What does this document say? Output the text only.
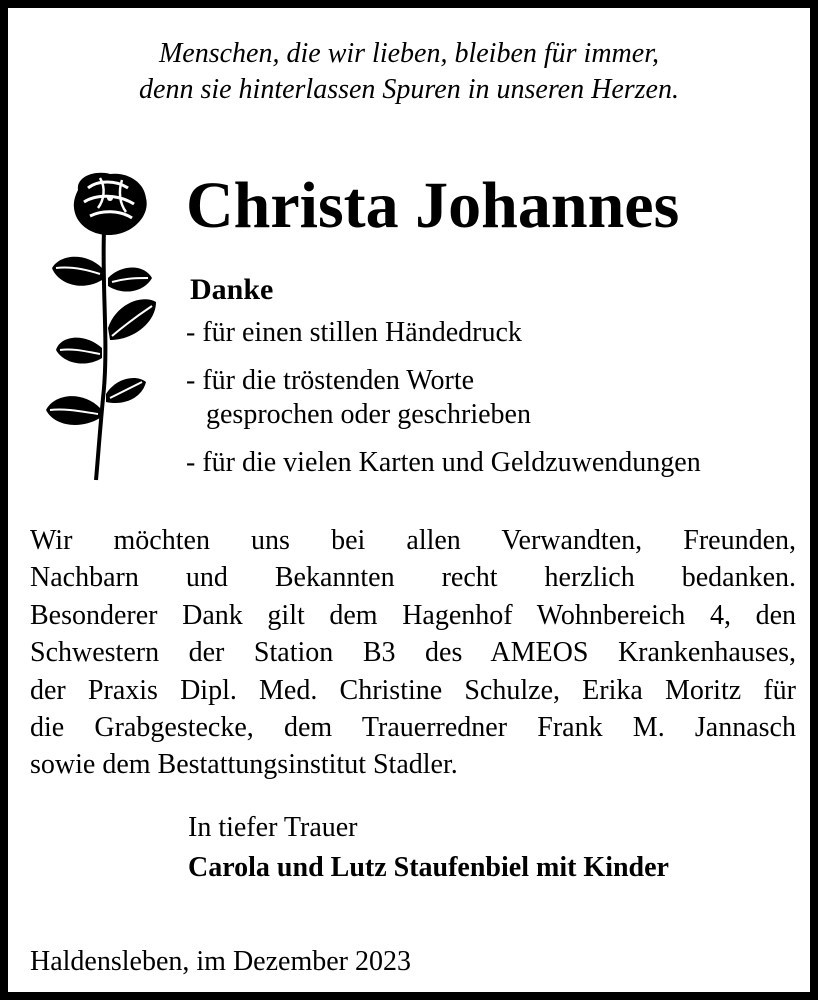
Menschen, die wir lieben, bleiben für immer,
denn sie hinterlassen Spuren in unseren Herzen.
Christa Johannes
Danke
- für einen stillen Händedruck
- für die tröstenden Worte
gesprochen oder geschrieben
- für die vielen Karten und Geldzuwendungen
Wir möchten uns bei allen Verwandten, Freunden,
Nachbarn und Bekannten recht herzlich bedanken.
Besonderer Dank gilt dem Hagenhof Wohnbereich 4, den
Schwestern der Station B3 des AMEOS Krankenhauses,
der Praxis Dipl. Med. Christine Schulze, Erika Moritz für
die Grabgestecke, dem Trauerredner Frank M. Jannasch
sowie dem Bestattungsinstitut Stadler.
In tiefer Trauer
Carola und Lutz Staufenbiel mit Kinder
Haldensleben, im Dezember 2023
